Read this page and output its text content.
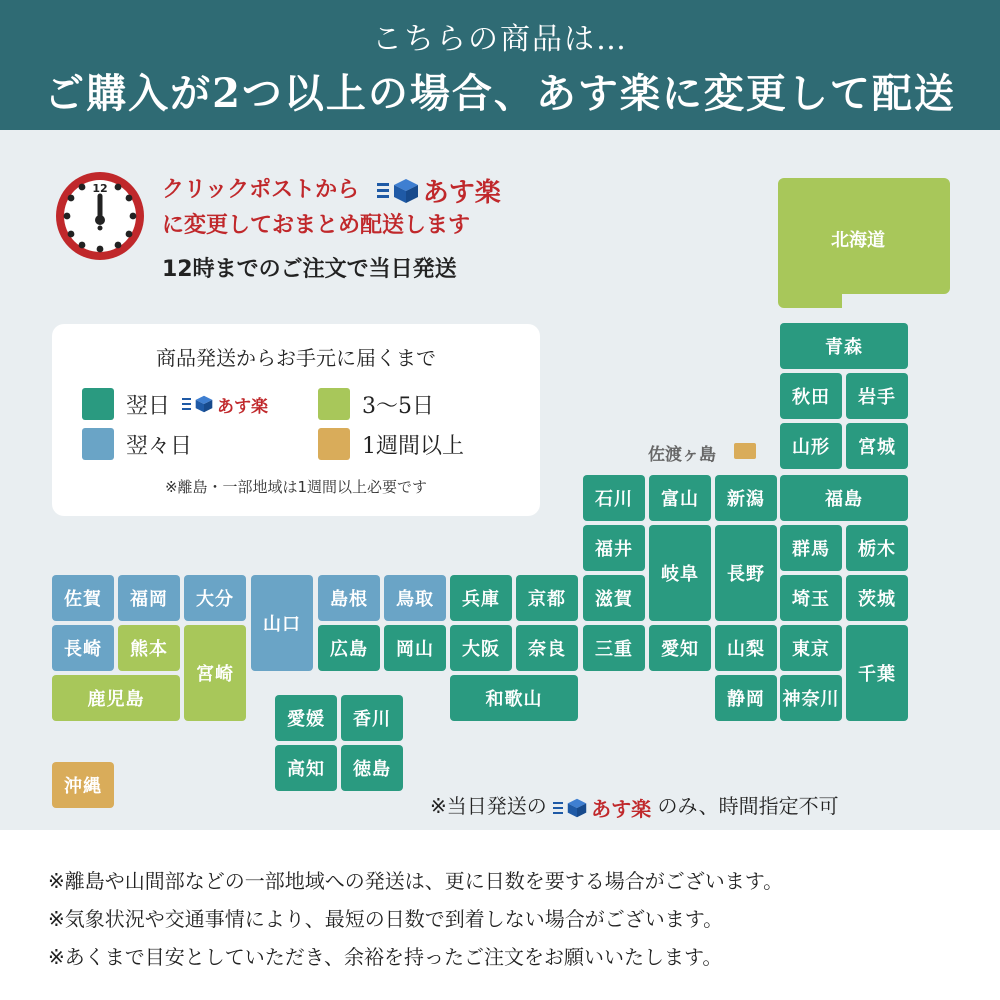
こちらの商品は…
ご購入が2つ以上の場合、あす楽に変更して配送
12 クリックポストから あす楽
に変更しておまとめ配送します
12時までのご注文で当日発送
商品発送からお手元に届くまで
翌日	あす楽	3～5日
翌々日	1週間以上
※離島・一部地域は1週間以上必要です
北海道
青森
秋田	岩手
山形	宮城
佐渡ヶ島
石川	富山	新潟	福島
福井
岐阜	長野
群馬	栃木
佐賀	福岡	大分
山口
島根	鳥取	兵庫	京都	滋賀	埼玉	茨城
長崎	熊本
宮崎
広島	岡山	大阪	奈良	三重	愛知	山梨	東京
千葉
鹿児島	和歌山	静岡 神奈川
愛媛	香川
高知	徳島
沖縄
※当日発送の あす楽 のみ、時間指定不可
※離島や山間部などの一部地域への発送は、更に日数を要する場合がございます。
※気象状況や交通事情により、最短の日数で到着しない場合がございます。
※あくまで目安としていただき、余裕を持ったご注文をお願いいたします。
